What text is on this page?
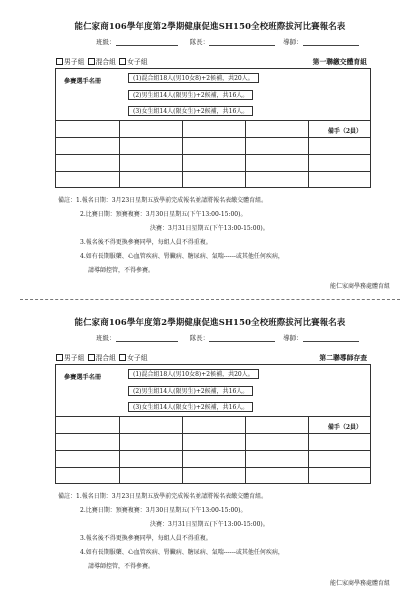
能仁家商106學年度第2學期健康促進SH150全校班際拔河比賽報名表
班級：	隊長：	導師：
男子組 混合組 女子組	第一聯繳交體育組
參賽選手名冊	(1)混合組18人(男10女8)+2候補，共20人。
(2)男生組14人(限男生)+2候補，共16人。
(3)女生組14人(限女生)+2候補，共16人。
備手（2員）
備註：1.報名日期：3月23日星期五放學前完成報名並請將報名表繳交體育組。
2.比賽日期：預賽複賽：3月30日星期五(下午13:00-15:00)。
決賽：3月31日星期五(下午13:00-15:00)。
3.報名後不得更換參賽同學，每組人員不得重複。
4.如有長期服藥、心血管疾病、腎臟病、糖尿病、氣喘------或其他任何疾病，
請導師控管，不得參賽。
能仁家商學務處體育組
能仁家商106學年度第2學期健康促進SH150全校班際拔河比賽報名表
班級：	隊長：	導師：
男子組 混合組 女子組	第二聯導師存查
參賽選手名冊	(1)混合組18人(男10女8)+2候補，共20人。
(2)男生組14人(限男生)+2候補，共16人。
(3)女生組14人(限女生)+2候補，共16人。
備手（2員）
備註：1.報名日期：3月23日星期五放學前完成報名並請將報名表繳交體育組。
2.比賽日期：預賽複賽：3月30日星期五(下午13:00-15:00)。
決賽：3月31日星期五(下午13:00-15:00)。
3.報名後不得更換參賽同學，每組人員不得重複。
4.如有長期服藥、心血管疾病、腎臟病、糖尿病、氣喘------或其他任何疾病，
請導師控管，不得參賽。
能仁家商學務處體育組
